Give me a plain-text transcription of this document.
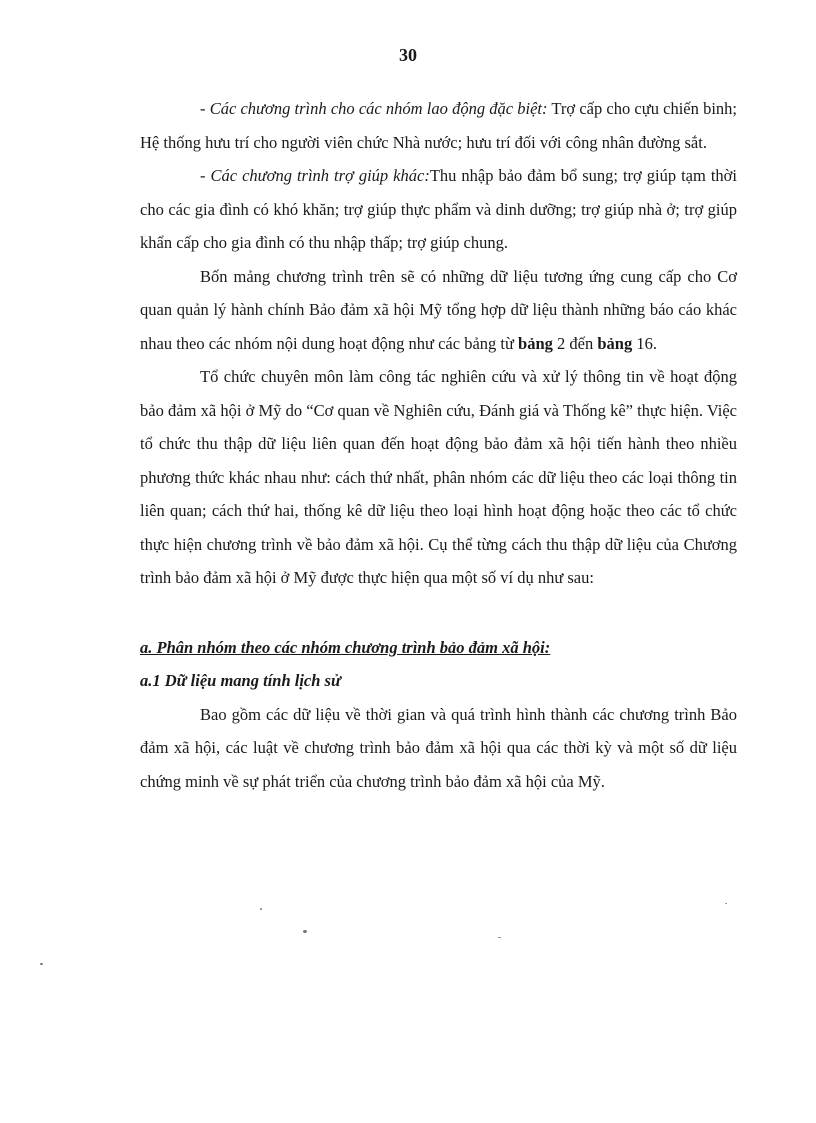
30

- Các chương trình cho các nhóm lao động đặc biệt: Trợ cấp cho cựu chiến binh; Hệ thống hưu trí cho người viên chức Nhà nước; hưu trí đối với công nhân đường sắt.

- Các chương trình trợ giúp khác:Thu nhập bảo đảm bổ sung; trợ giúp tạm thời cho các gia đình có khó khăn; trợ giúp thực phẩm và dinh dưỡng; trợ giúp nhà ở; trợ giúp khẩn cấp cho gia đình có thu nhập thấp; trợ giúp chung.

Bốn mảng chương trình trên sẽ có những dữ liệu tương ứng cung cấp cho Cơ quan quản lý hành chính Bảo đảm xã hội Mỹ tổng hợp dữ liệu thành những báo cáo khác nhau theo các nhóm nội dung hoạt động như các bảng từ bảng 2 đến bảng 16.

Tổ chức chuyên môn làm công tác nghiên cứu và xử lý thông tin về hoạt động bảo đảm xã hội ở Mỹ do “Cơ quan về Nghiên cứu, Đánh giá và Thống kê” thực hiện. Việc tổ chức thu thập dữ liệu liên quan đến hoạt động bảo đảm xã hội tiến hành theo nhiều phương thức khác nhau như: cách thứ nhất, phân nhóm các dữ liệu theo các loại thông tin liên quan; cách thứ hai, thống kê dữ liệu theo loại hình hoạt động hoặc theo các tổ chức thực hiện chương trình về bảo đảm xã hội. Cụ thể từng cách thu thập dữ liệu của Chương trình bảo đảm xã hội ở Mỹ được thực hiện qua một số ví dụ như sau:

a. Phân nhóm theo các nhóm chương trình bảo đảm xã hội:

a.1 Dữ liệu mang tính lịch sử

Bao gồm các dữ liệu về thời gian và quá trình hình thành các chương trình Bảo đảm xã hội, các luật về chương trình bảo đảm xã hội qua các thời kỳ và một số dữ liệu chứng minh về sự phát triển của chương trình bảo đảm xã hội của Mỹ.
